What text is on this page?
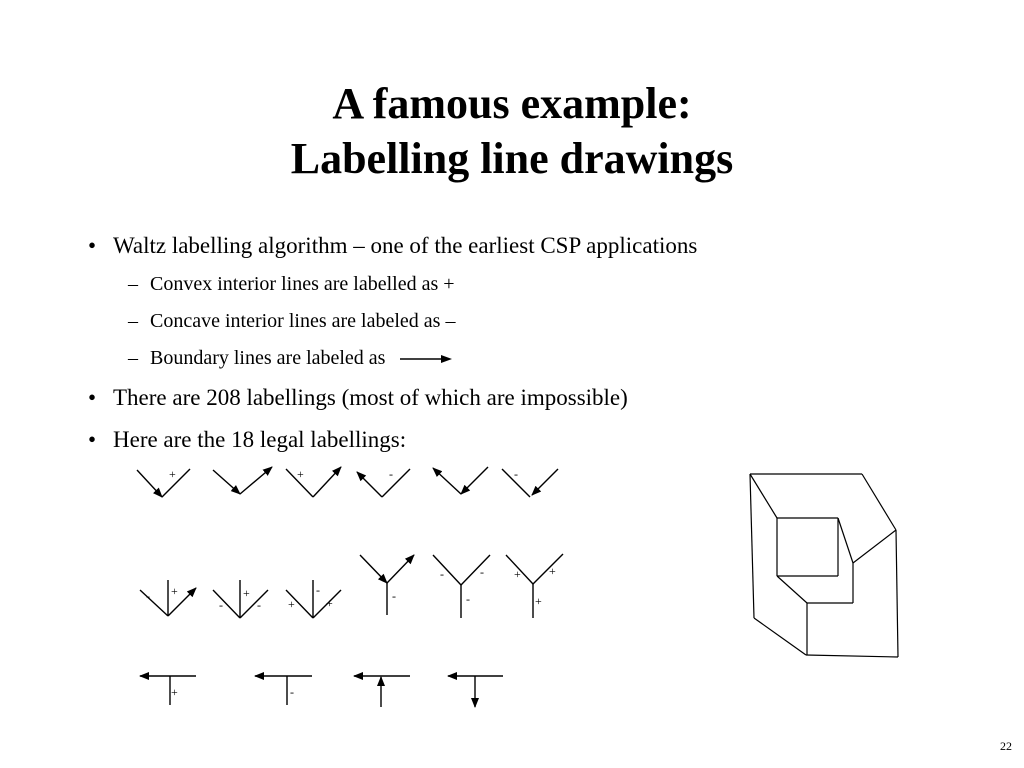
A famous example:
Labelling line drawings
• Waltz labelling algorithm – one of the earliest CSP applications
– Convex interior lines are labelled as +
– Concave interior lines are labeled as –
– Boundary lines are labeled as
• There are 208 labellings (most of which are impossible)
• Here are the 18 legal labellings:
+	+	-	-
+
-	+
-	-
-
+	+	-
-	-
-
+ +
+
+	-
22
